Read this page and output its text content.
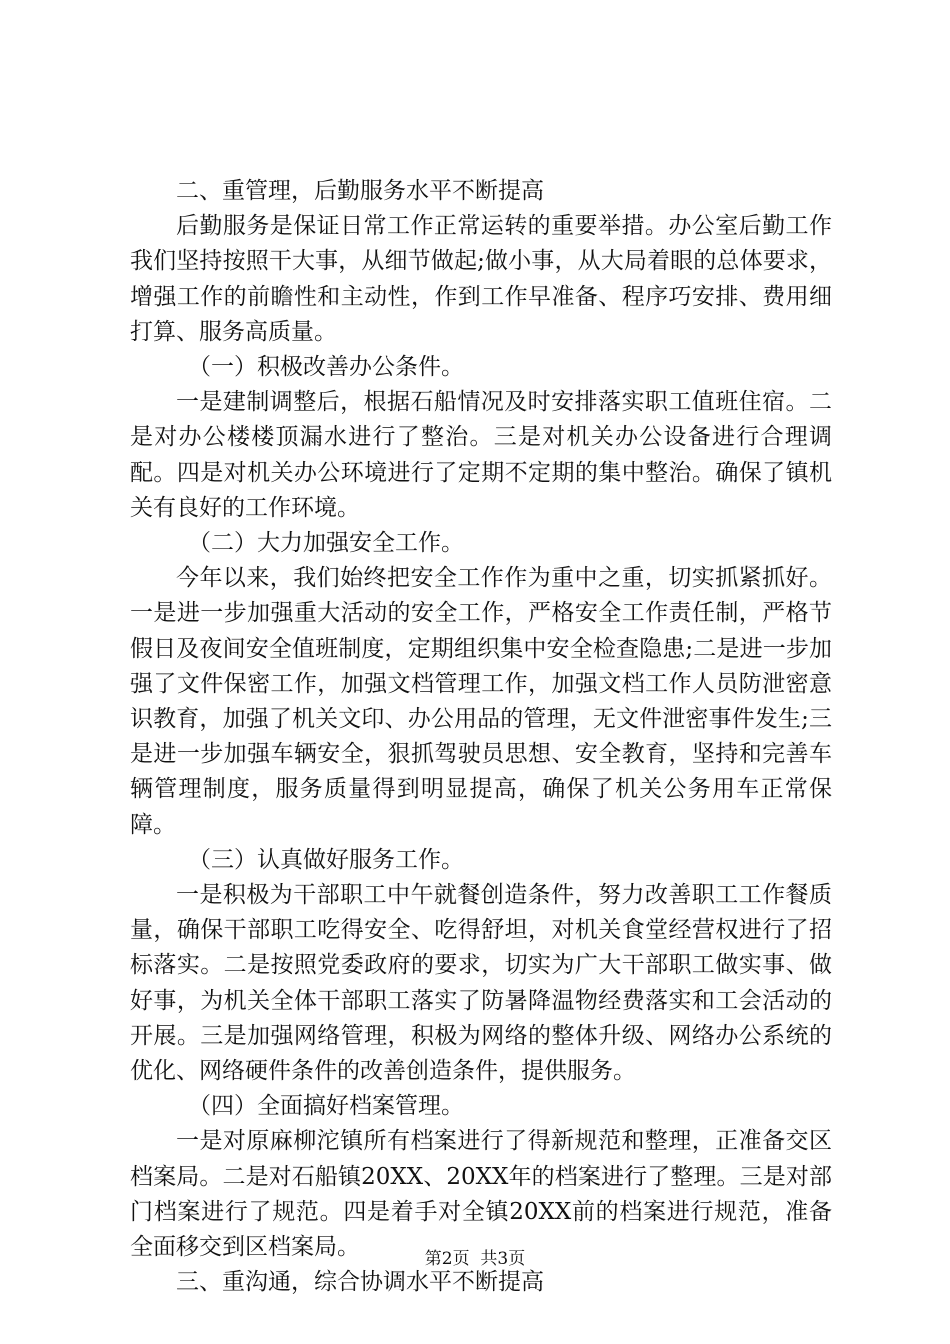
二、重管理，后勤服务水平不断提高

后勤服务是保证日常工作正常运转的重要举措。办公室后勤工作我们坚持按照干大事，从细节做起;做小事，从大局着眼的总体要求，增强工作的前瞻性和主动性，作到工作早准备、程序巧安排、费用细打算、服务高质量。

（一）积极改善办公条件。

一是建制调整后，根据石船情况及时安排落实职工值班住宿。二是对办公楼楼顶漏水进行了整治。三是对机关办公设备进行合理调配。四是对机关办公环境进行了定期不定期的集中整治。确保了镇机关有良好的工作环境。

（二）大力加强安全工作。

今年以来，我们始终把安全工作作为重中之重，切实抓紧抓好。一是进一步加强重大活动的安全工作，严格安全工作责任制，严格节假日及夜间安全值班制度，定期组织集中安全检查隐患;二是进一步加强了文件保密工作，加强文档管理工作，加强文档工作人员防泄密意识教育，加强了机关文印、办公用品的管理，无文件泄密事件发生;三是进一步加强车辆安全，狠抓驾驶员思想、安全教育，坚持和完善车辆管理制度，服务质量得到明显提高，确保了机关公务用车正常保障。

（三）认真做好服务工作。

一是积极为干部职工中午就餐创造条件，努力改善职工工作餐质量，确保干部职工吃得安全、吃得舒坦，对机关食堂经营权进行了招标落实。二是按照党委政府的要求，切实为广大干部职工做实事、做好事，为机关全体干部职工落实了防暑降温物经费落实和工会活动的开展。三是加强网络管理，积极为网络的整体升级、网络办公系统的优化、网络硬件条件的改善创造条件，提供服务。

（四）全面搞好档案管理。

一是对原麻柳沱镇所有档案进行了得新规范和整理，正准备交区档案局。二是对石船镇20XX、20XX年的档案进行了整理。三是对部门档案进行了规范。四是着手对全镇20XX前的档案进行规范，准备全面移交到区档案局。

三、重沟通，综合协调水平不断提高

第2页  共3页
